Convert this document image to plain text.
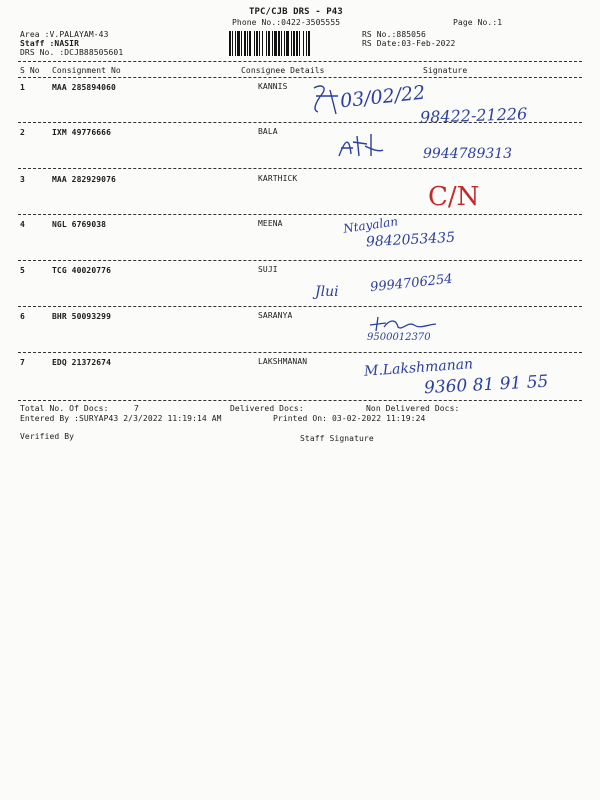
TPC/CJB DRS - P43
Phone No.:0422-3505555	Page No.:1
Area :V.PALAYAM-43
Staff :NASIR
DRS No. :DCJB88505601
RS No.:885056
RS Date:03-Feb-2022
S No Consignment No	Consignee Details	Signature
1	MAA 285894060	KANNIS	03/02/22
98422-21226
2	IXM 49776666	BALA
9944789313
3	MAA 282929076	KARTHICK
C/N
4	NGL 6769038	MEENA	Ntayalan
9842053435
5	TCG 40020776	SUJI
Jlui 9994706254
6	BHR 50093299	SARANYA
9500012370
7	EDQ 21372674	LAKSHMANAN	M.Lakshmanan
9360 81 91 55
Total No. Of Docs:	7	Delivered Docs:	Non Delivered Docs:
Entered By :SURYAP43 2/3/2022 11:19:14 AM	Printed On: 03-02-2022 11:19:24
Verified By	Staff Signature
